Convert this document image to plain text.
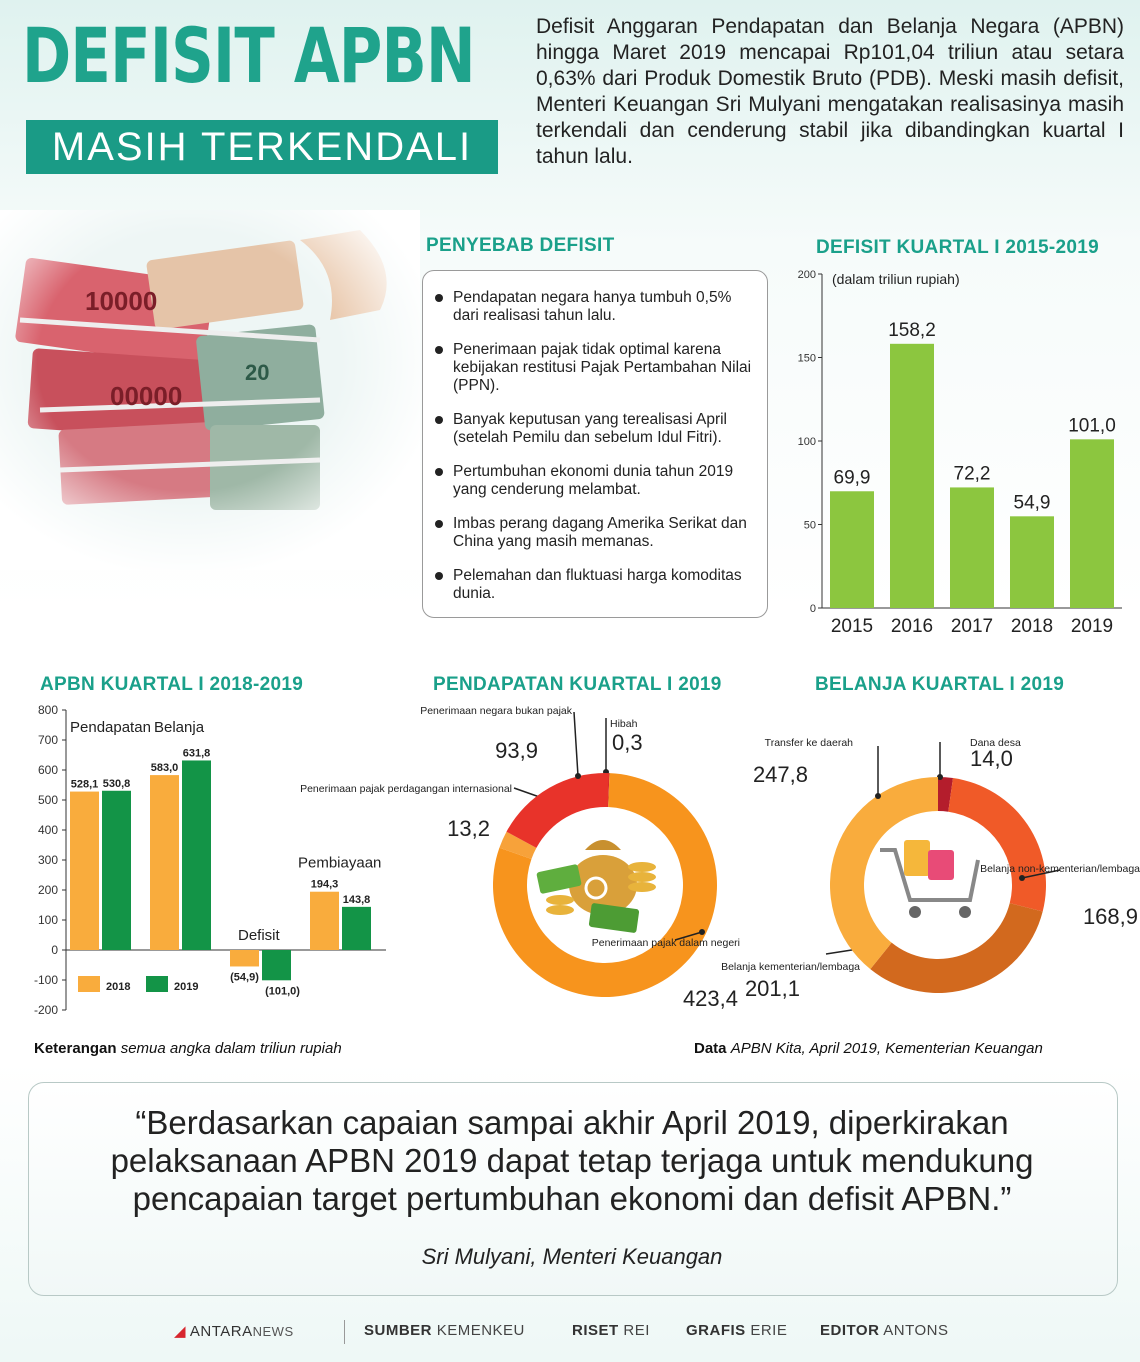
DEFISIT APBN
MASIH TERKENDALI
Defisit Anggaran Pendapatan dan Belanja Negara (APBN) hingga Maret 2019 mencapai Rp101,04 triliun atau setara 0,63% dari Produk Domestik Bruto (PDB). Meski masih defisit, Menteri Keuangan Sri Mulyani mengatakan realisasinya masih terkendali dan cenderung stabil jika dibandingkan kuartal I tahun lalu.
PENYEBAB DEFISIT
Pendapatan negara hanya tumbuh 0,5% dari realisasi tahun lalu.
Penerimaan pajak tidak optimal karena kebijakan restitusi Pajak Pertambahan Nilai (PPN).
Banyak keputusan yang terealisasi April (setelah Pemilu dan sebelum Idul Fitri).
Pertumbuhan ekonomi dunia tahun 2019 yang cenderung melambat.
Imbas perang dagang Amerika Serikat dan China yang masih memanas.
Pelemahan dan fluktuasi harga komoditas dunia.
DEFISIT KUARTAL I 2015-2019
0
50
100
150
200 (dalam triliun rupiah)
69,9
2015
158,2
2016
72,2
2017
54,9
2018
101,0
2019
APBN KUARTAL I 2018-2019
-200
-100
0
100
200
300
400
500
600
700
800
528,1 530,8
Pendapatan
583,0
631,8
Belanja
(54,9)
(101,0)
Defisit
194,3
143,8
Pembiayaan
2018	2019
PENDAPATAN KUARTAL I 2019
Hibah
0,3
Penerimaan pajak dalam negeri
423,4
Penerimaan pajak perdagangan internasional
13,2
Penerimaan negara bukan pajak
93,9
BELANJA KUARTAL I 2019
Dana desa
14,0
Belanja non-kementerian/lembaga
168,9
Belanja kementerian/lembaga
201,1
Transfer ke daerah
247,8
Keterangan semua angka dalam triliun rupiah	Data APBN Kita, April 2019, Kementerian Keuangan
“Berdasarkan capaian sampai akhir April 2019, diperkirakan pelaksanaan APBN 2019 dapat tetap terjaga untuk mendukung pencapaian target pertumbuhan ekonomi dan defisit APBN.”
Sri Mulyani, Menteri Keuangan
◢ ANTARANEWS	SUMBER KEMENKEU	RISET REI GRAFIS ERIE EDITOR ANTONS
